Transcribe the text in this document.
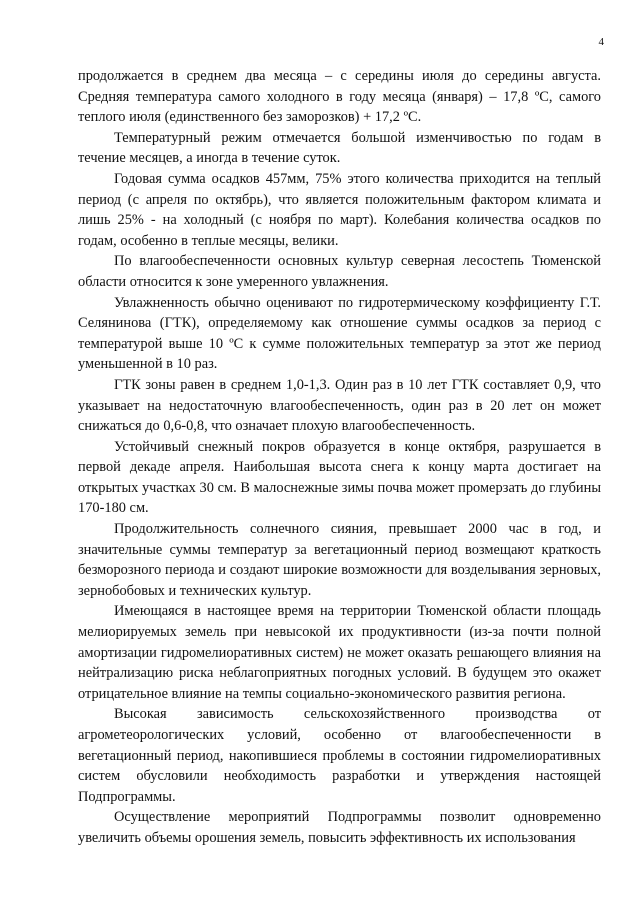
4

продолжается в среднем два месяца – с середины июля до середины августа. Средняя температура самого холодного в году месяца (января) – 17,8 ºС, самого теплого июля (единственного без заморозков) + 17,2 ºС.

Температурный режим отмечается большой изменчивостью по годам в течение месяцев, а иногда в течение суток.

Годовая сумма осадков 457мм, 75% этого количества приходится на теплый период (с апреля по октябрь), что является положительным фактором климата и лишь 25% - на холодный (с ноября по март). Колебания количества осадков по годам, особенно в теплые месяцы, велики.

По влагообеспеченности основных культур северная лесостепь Тюменской области относится к зоне умеренного увлажнения.

Увлажненность обычно оценивают по гидротермическому коэффициенту Г.Т. Селянинова (ГТК), определяемому как отношение суммы осадков за период с температурой выше 10 ºС к сумме положительных температур за этот же период уменьшенной в 10 раз.

ГТК зоны равен в среднем 1,0-1,3. Один раз в 10 лет ГТК составляет 0,9, что указывает на недостаточную влагообеспеченность, один раз в 20 лет он может снижаться до 0,6-0,8, что означает плохую влагообеспеченность.

Устойчивый снежный покров образуется в конце октября, разрушается в первой декаде апреля. Наибольшая высота снега к концу марта достигает на открытых участках 30 см. В малоснежные зимы почва может промерзать до глубины 170-180 см.

Продолжительность солнечного сияния, превышает 2000 час в год, и значительные суммы температур за вегетационный период возмещают краткость безморозного периода и создают широкие возможности для возделывания зерновых, зернобобовых и технических культур.

Имеющаяся в настоящее время на территории Тюменской области площадь мелиорируемых земель при невысокой их продуктивности (из-за почти полной амортизации гидромелиоративных систем) не может оказать решающего влияния на нейтрализацию риска неблагоприятных погодных условий. В будущем это окажет отрицательное влияние на темпы социально-экономического развития региона.

Высокая зависимость сельскохозяйственного производства от агрометеорологических условий, особенно от влагообеспеченности в вегетационный период, накопившиеся проблемы в состоянии гидромелиоративных систем обусловили необходимость разработки и утверждения настоящей Подпрограммы.

Осуществление мероприятий Подпрограммы позволит одновременно увеличить объемы орошения земель, повысить эффективность их использования
